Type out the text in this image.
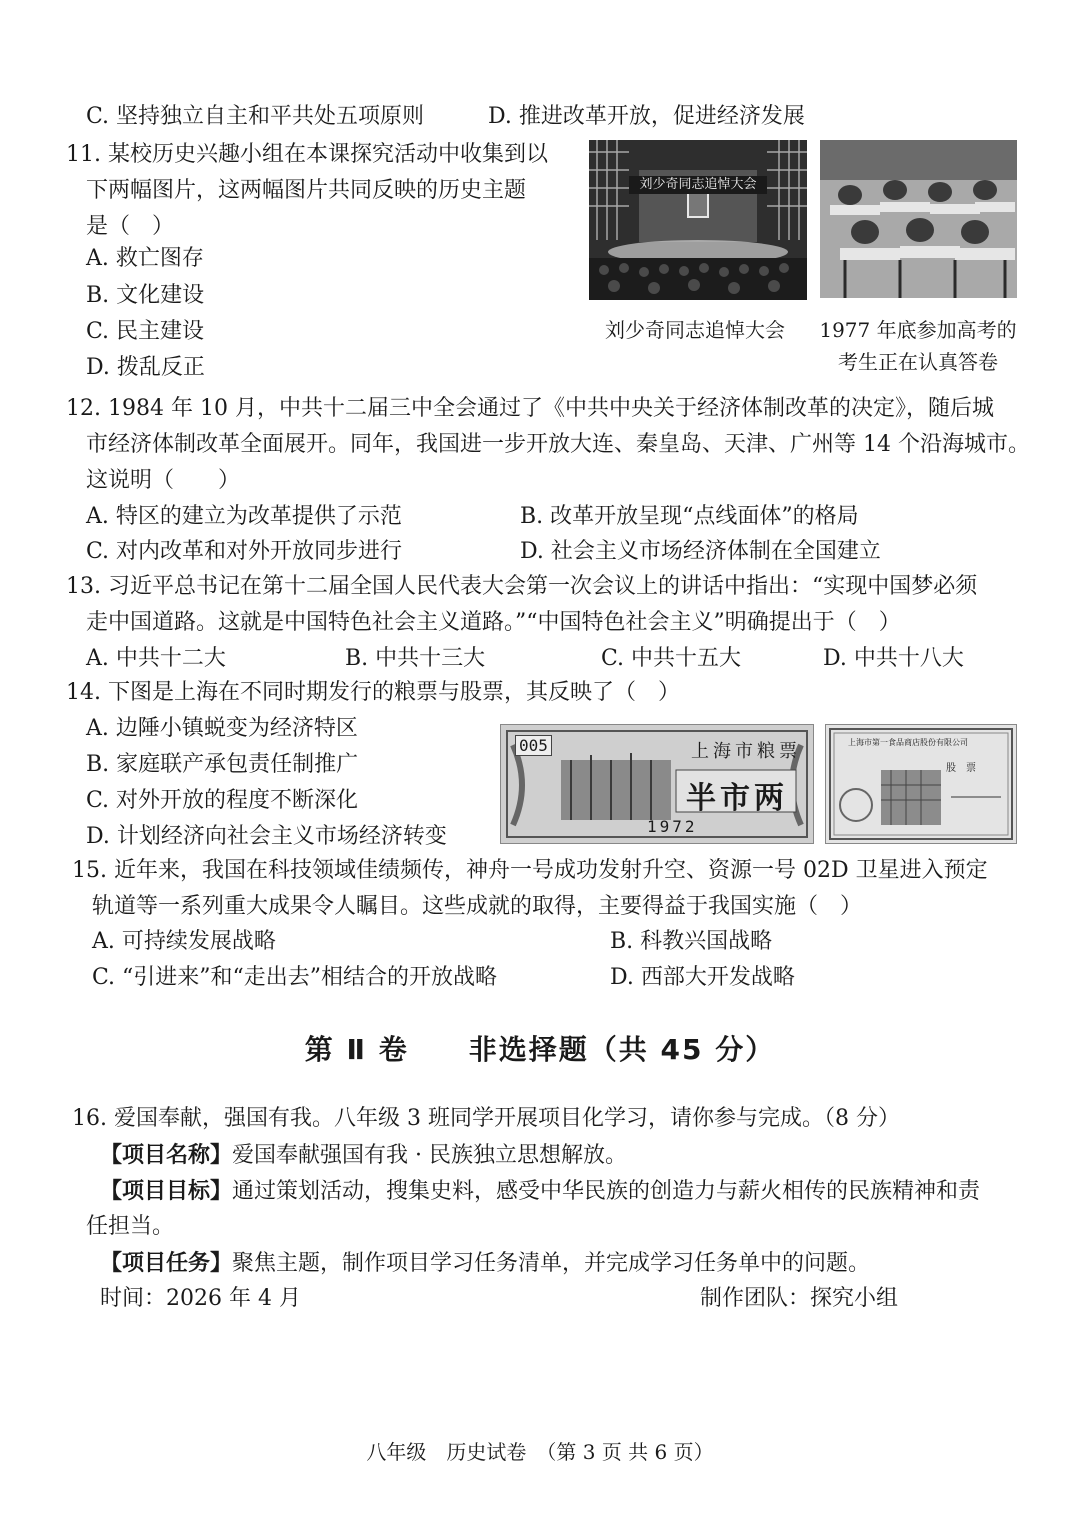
C. 坚持独立自主和平共处五项原则	D. 推进改革开放，促进经济发展
11. 某校历史兴趣小组在本课探究活动中收集到以
下两幅图片，这两幅图片共同反映的历史主题
是（　）
A. 救亡图存
B. 文化建设
C. 民主建设
D. 拨乱反正
刘少奇同志追悼大会
刘少奇同志追悼大会 1977 年底参加高考的
考生正在认真答卷
12. 1984 年 10 月，中共十二届三中全会通过了《中共中央关于经济体制改革的决定》，随后城
市经济体制改革全面展开。同年，我国进一步开放大连、秦皇岛、天津、广州等 14 个沿海城市。
这说明（　　）
A. 特区的建立为改革提供了示范	B. 改革开放呈现“点线面体”的格局
C. 对内改革和对外开放同步进行	D. 社会主义市场经济体制在全国建立
13. 习近平总书记在第十二届全国人民代表大会第一次会议上的讲话中指出：“实现中国梦必须
走中国道路。这就是中国特色社会主义道路。”“中国特色社会主义”明确提出于（　）
A. 中共十二大	B. 中共十三大	C. 中共十五大	D. 中共十八大
14. 下图是上海在不同时期发行的粮票与股票，其反映了（　）
A. 边陲小镇蜕变为经济特区
B. 家庭联产承包责任制推广
C. 对外开放的程度不断深化
D. 计划经济向社会主义市场经济转变
005	上海市粮票
半市两
1972
上海市第一食品商店股份有限公司
股　票
15. 近年来，我国在科技领域佳绩频传，神舟一号成功发射升空、资源一号 02D 卫星进入预定
轨道等一系列重大成果令人瞩目。这些成就的取得，主要得益于我国实施（　）
A. 可持续发展战略	B. 科教兴国战略
C. “引进来”和“走出去”相结合的开放战略	D. 西部大开发战略
第 Ⅱ 卷　　非选择题（共 45 分）
16. 爱国奉献，强国有我。八年级 3 班同学开展项目化学习，请你参与完成。（8 分）
【项目名称】爱国奉献强国有我 · 民族独立思想解放。
【项目目标】通过策划活动，搜集史料，感受中华民族的创造力与薪火相传的民族精神和责
任担当。
【项目任务】聚焦主题，制作项目学习任务清单，并完成学习任务单中的问题。
时间：2026 年 4 月	制作团队：探究小组
八年级　历史试卷　（第 3 页 共 6 页）
